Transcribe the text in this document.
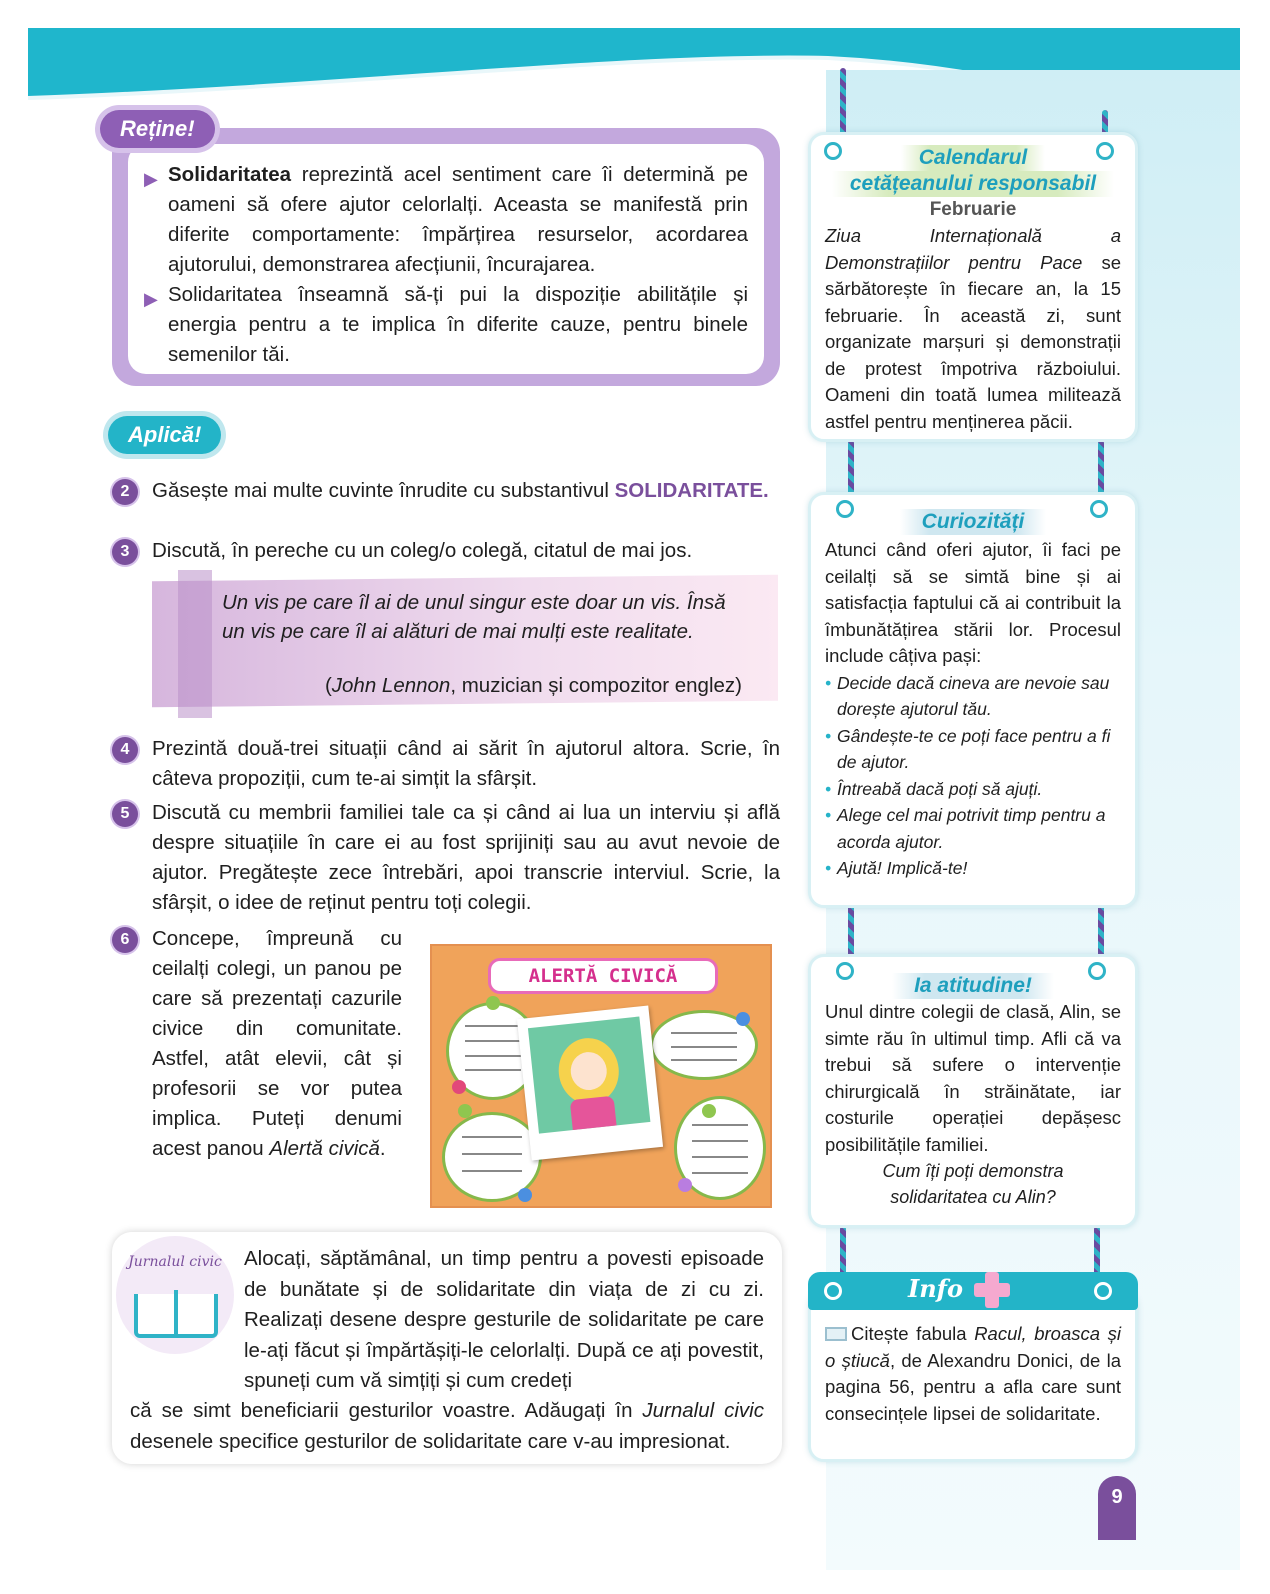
▶ Solidaritatea reprezintă acel sentiment care îi determină pe oameni să ofere ajutor celorlalți. Aceasta se manifestă prin diferite comportamente: împărțirea resurselor, acordarea ajutorului, demonstrarea afecțiunii, încurajarea.

▶ Solidaritatea înseamnă să-ți pui la dispoziție abilitățile și energia pentru a te implica în diferite cauze, pentru binele semenilor tăi.

Reține!
Aplică!
2	Găsește mai multe cuvinte înrudite cu substantivul SOLIDARITATE.
3	Discută, în pereche cu un coleg/o colegă, citatul de mai jos.
Un vis pe care îl ai de unul singur este doar un vis. Însă un vis pe care îl ai alături de mai mulți este realitate.
(John Lennon, muzician și compozitor englez)
4	Prezintă două-trei situații când ai sărit în ajutorul altora. Scrie, în câteva propoziții, cum te-ai simțit la sfârșit.
5	Discută cu membrii familiei tale ca și când ai lua un interviu și află despre situațiile în care ei au fost sprijiniți sau au avut nevoie de ajutor. Pregătește zece întrebări, apoi transcrie interviul. Scrie, la sfârșit, o idee de reținut pentru toți colegii.
6	Concepe, împreună cu ceilalți colegi, un panou pe care să prezentați cazurile civice din comunitate. Astfel, atât elevii, cât și profesorii se vor putea implica. Puteți denumi acest panou Alertă civică.
ALERTĂ CIVICĂ
Alocați, săptămânal, un timp pentru a povesti episoade de bunătate și de solidaritate din viața de zi cu zi. Realizați desene despre gesturile de solidaritate pe care le-ați făcut și împărtășiți-le celorlalți. După ce ați povestit, spuneți cum vă simțiți și cum credeți
că se simt beneficiarii gesturilor voastre. Adăugați în Jurnalul civic desenele specifice gesturilor de solidaritate care v-au impresionat.
Jurnalul civic
Calendarul
cetățeanului responsabil
Februarie
Ziua Internațională a Demonstrațiilor pentru Pace se sărbătorește în fiecare an, la 15 februarie. În această zi, sunt organizate marșuri și demonstrații de protest împotriva războiului. Oameni din toată lumea militează astfel pentru menținerea păcii.
Curiozități
Atunci când oferi ajutor, îi faci pe ceilalți să se simtă bine și ai satisfacția faptului că ai contribuit la îmbunătățirea stării lor. Procesul include câțiva pași:
• Decide dacă cineva are nevoie sau dorește ajutorul tău.
• Gândește-te ce poți face pentru a fi de ajutor.
• Întreabă dacă poți să ajuți.
• Alege cel mai potrivit timp pentru a acorda ajutor.
• Ajută! Implică-te!
Ia atitudine!
Unul dintre colegii de clasă, Alin, se simte rău în ultimul timp. Afli că va trebui să sufere o intervenție chirurgicală în străinătate, iar costurile operației depășesc posibilitățile familiei.
Cum îți poți demonstra solidaritatea cu Alin?
Citește fabula Racul, broasca și o știucă, de Alexandru Donici, de la pagina 56, pentru a afla care sunt consecințele lipsei de solidaritate.
Info
9
